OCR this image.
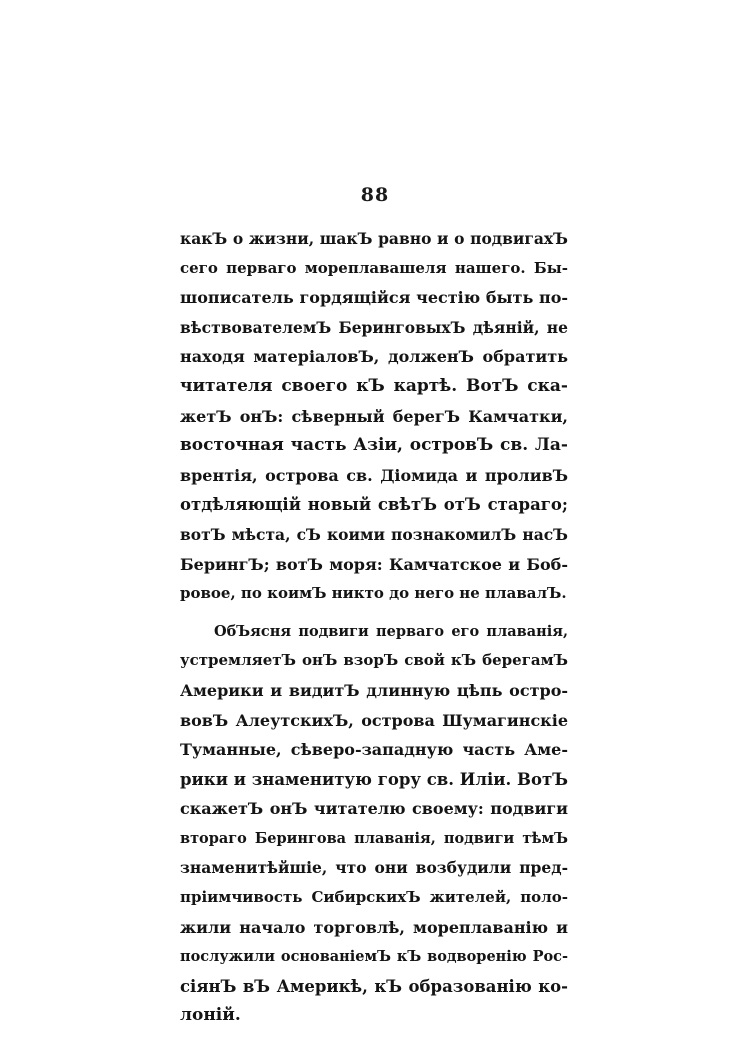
88
какЪ о жизни, шакЪ равно и о подвигахЪ
сего перваго мореплавашеля нашего. Бы-
шописатель гордящійся честію быть по-
вѣствователемЪ БеринговыхЪ дѣяній, не
находя матеріаловЪ, долженЪ обратить
читателя своего кЪ картѣ. ВотЪ ска-
жетЪ онЪ: сѣверный берегЪ Камчатки,
восточная часть Азіи, островЪ св. Ла-
врентія, острова св. Діомида и проливЪ
отдѣляющій новый свѣтЪ отЪ стараго;
вотЪ мѣста, сЪ коими познакомилЪ насЪ
БерингЪ; вотЪ моря: Камчатское и Боб-
ровое, по коимЪ никто до него не плавалЪ.
ОбЪясня подвиги перваго его плаванія,
устремляетЪ онЪ взорЪ свой кЪ берегамЪ
Америки и видитЪ длинную цѣпь остро-
вовЪ АлеутскихЪ, острова Шумагинскіе
Туманные, сѣверо-западную часть Аме-
рики и знаменитую гору св. Иліи. ВотЪ
скажетЪ онЪ читателю своему: подвиги
втораго Берингова плаванія, подвиги тѣмЪ
знаменитѣйшіе, что они возбудили пред-
пріимчивость СибирскихЪ жителей, поло-
жили начало торговлѣ, мореплаванію и
послужили основаніемЪ кЪ водворенію Рос-
сіянЪ вЪ Америкѣ, кЪ образованію ко-
лоній.
